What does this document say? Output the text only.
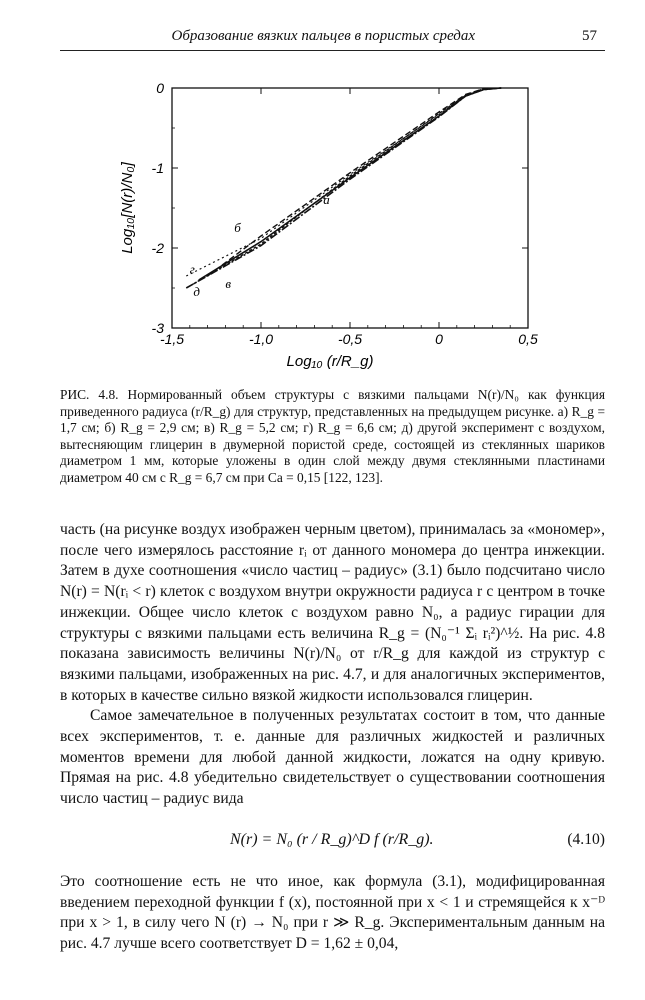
Образование вязких пальцев в пористых средах	57
-1,5	-1,0	-0,5	0	0,5
0
-1
-2
-3
Log₁₀ (r/R_g)
Log₁₀[N(r)/N₀]	а
б
в
г
д
РИС. 4.8. Нормированный объем структуры с вязкими пальцами N(r)/N₀ как функция приведенного радиуса (r/R_g) для структур, представленных на предыдущем рисунке. а) R_g = 1,7 см; б) R_g = 2,9 см; в) R_g = 5,2 см; г) R_g = 6,6 см; д) другой эксперимент с воздухом, вытесняющим глицерин в двумерной пористой среде, состоящей из стеклянных шариков диаметром 1 мм, которые уложены в один слой между двумя стеклянными пластинами диаметром 40 см с R_g = 6,7 см при Ca = 0,15 [122, 123].

часть (на рисунке воздух изображен черным цветом), принималась за «мономер», после чего измерялось расстояние rᵢ от данного мономера до центра инжекции. Затем в духе соотношения «число частиц – радиус» (3.1) было подсчитано число N(r) = N(rᵢ < r) клеток с воздухом внутри окружности радиуса r с центром в точке инжекции. Общее число клеток с воздухом равно N₀, а радиус гирации для структуры с вязкими пальцами есть величина R_g = (N₀⁻¹ Σᵢ rᵢ²)^½. На рис. 4.8 показана зависимость величины N(r)/N₀ от r/R_g для каждой из структур с вязкими пальцами, изображенных на рис. 4.7, и для аналогичных экспериментов, в которых в качестве сильно вязкой жидкости использовался глицерин.

Самое замечательное в полученных результатах состоит в том, что данные всех экспериментов, т. е. данные для различных жидкостей и различных моментов времени для любой данной жидкости, ложатся на одну кривую. Прямая на рис. 4.8 убедительно свидетельствует о существовании соотношения число частиц – радиус вида

N(r) = N₀ (r / R_g)^D f (r/R_g).	(4.10)

Это соотношение есть не что иное, как формула (3.1), модифицированная введением переходной функции f (x), постоянной при x < 1 и стремящейся к x⁻ᴰ при x > 1, в силу чего N (r) → N₀ при r ≫ R_g. Экспериментальным данным на рис. 4.7 лучше всего соответствует D = 1,62 ± 0,04,
